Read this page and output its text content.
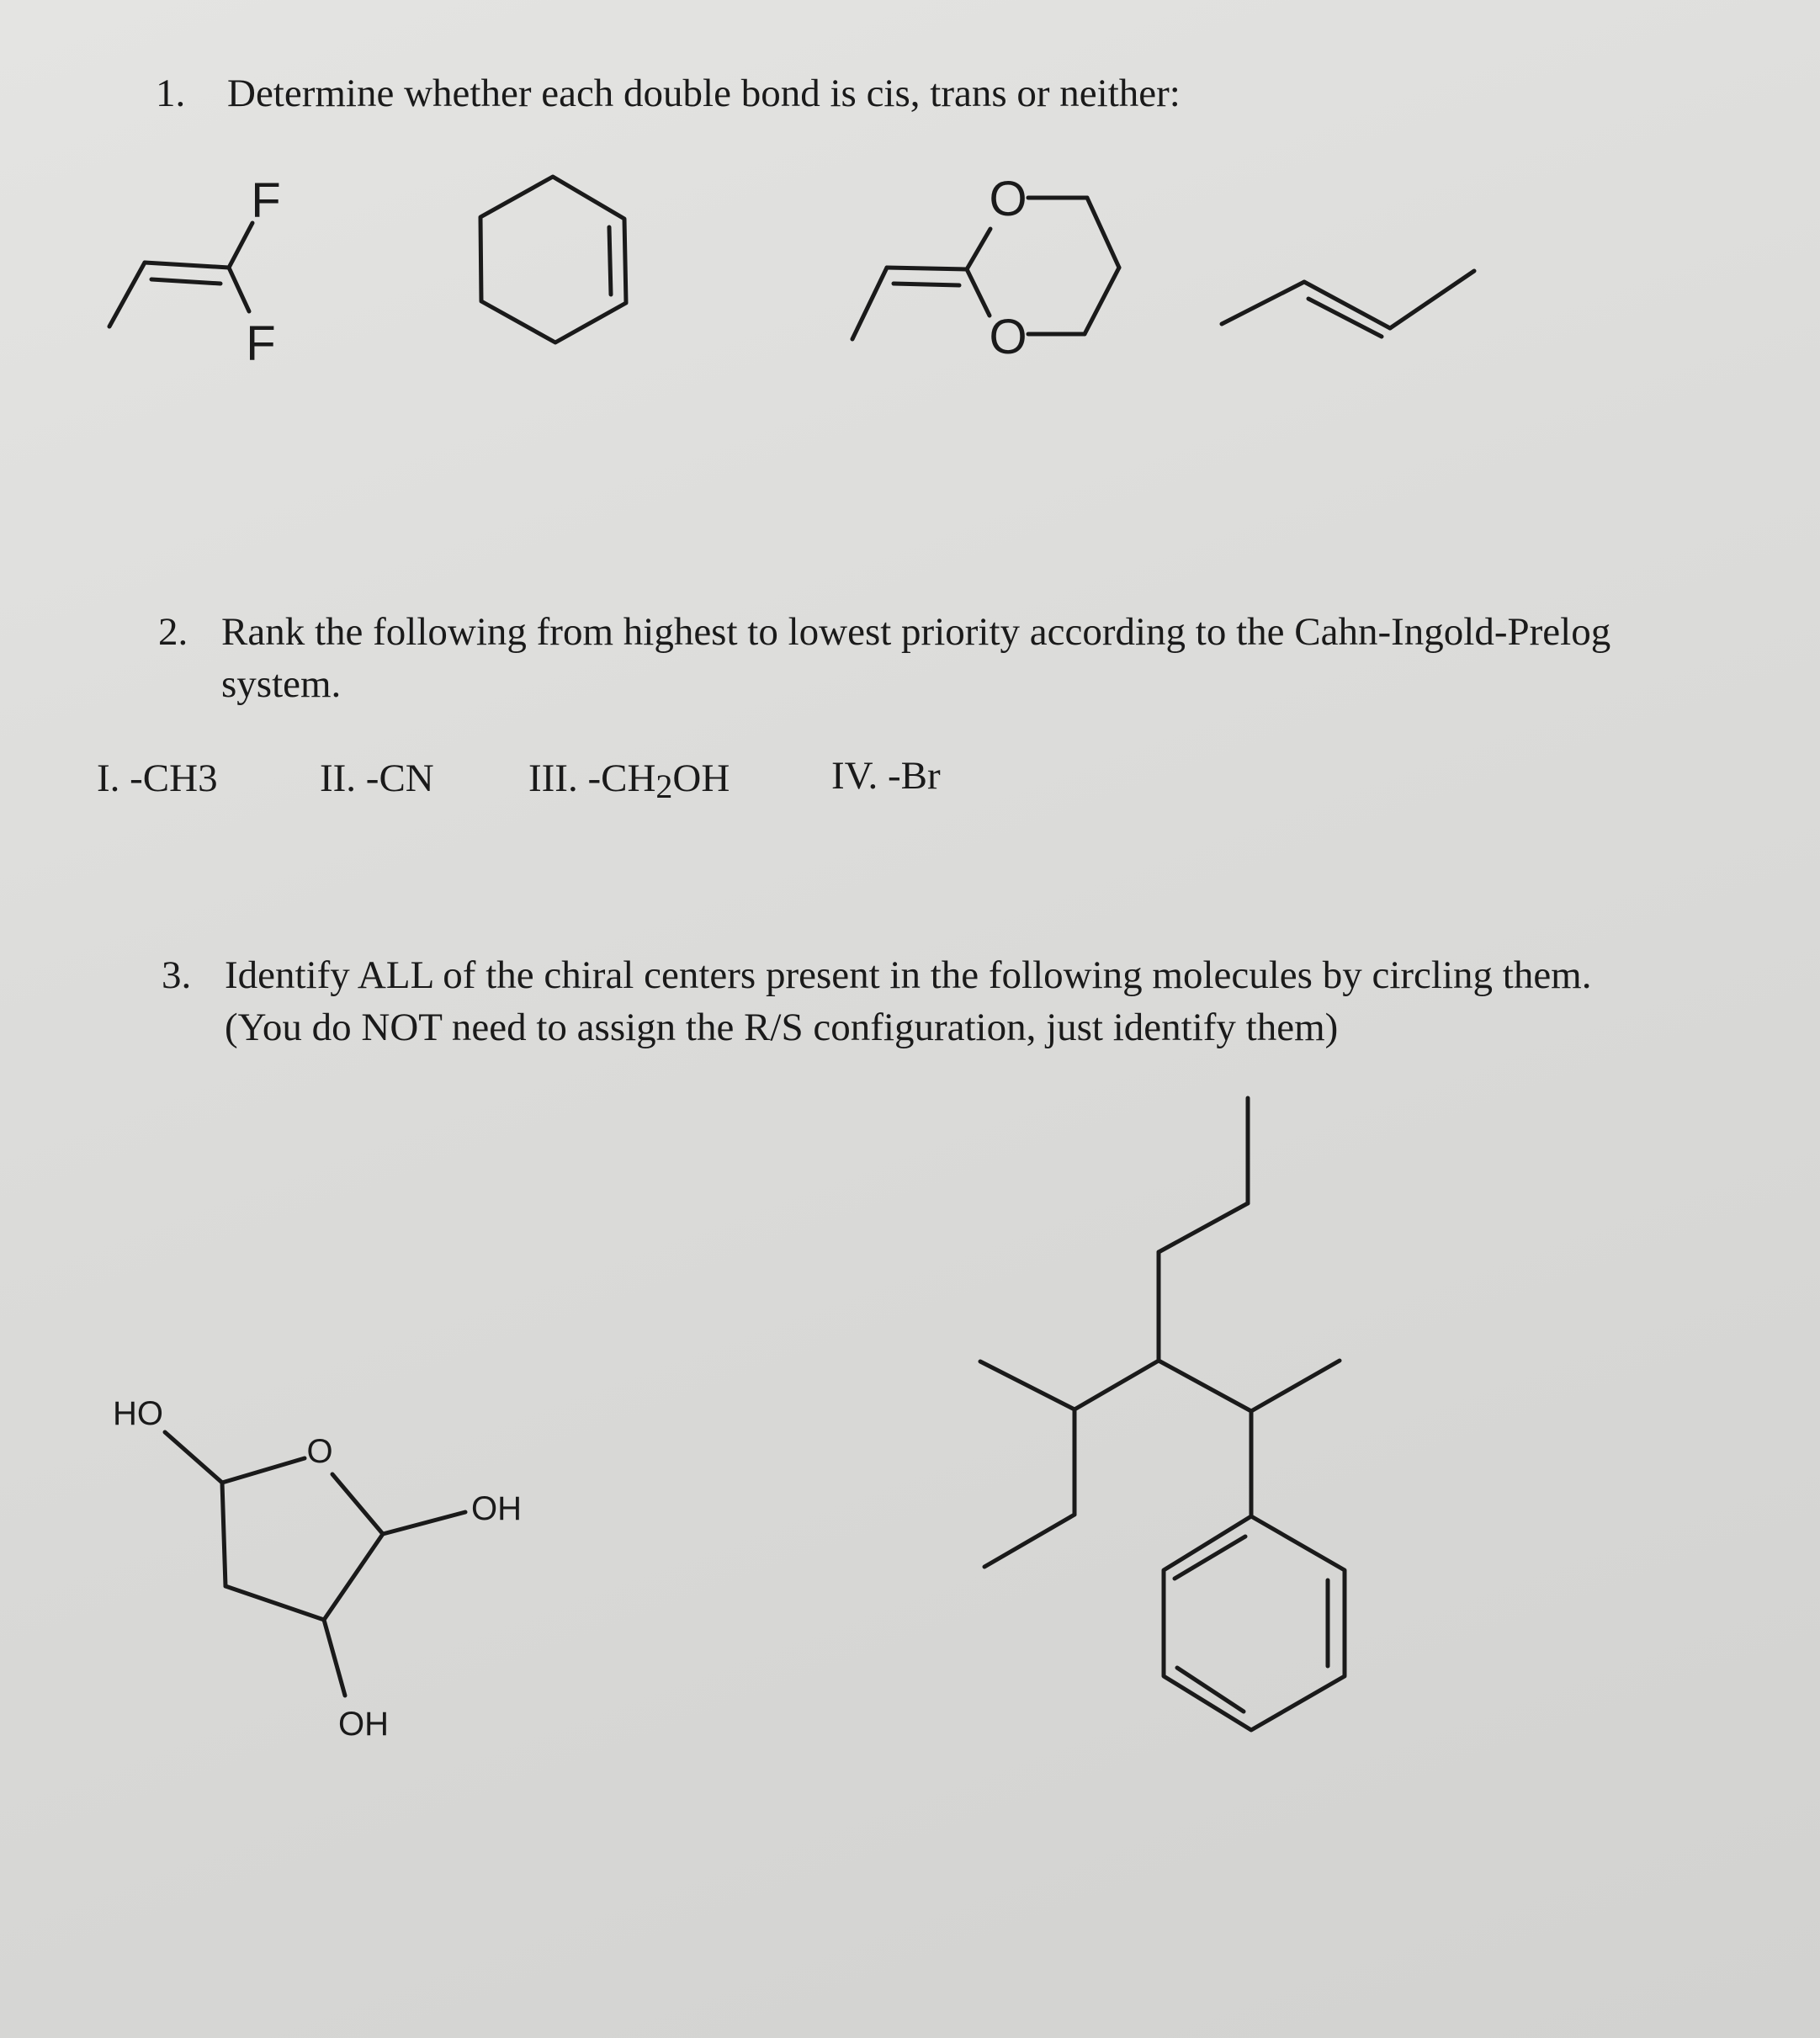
1. Determine whether each double bond is cis, trans or neither:
2. Rank the following from highest to lowest priority according to the Cahn-Ingold-Prelog
system.
I. -CH3	II. -CN III. -CH2OH	IV. -Br
3. Identify ALL of the chiral centers present in the following molecules by circling them.
(You do NOT need to assign the R/S configuration, just identify them)
F
F
O
O
HO
O
OH
OH
